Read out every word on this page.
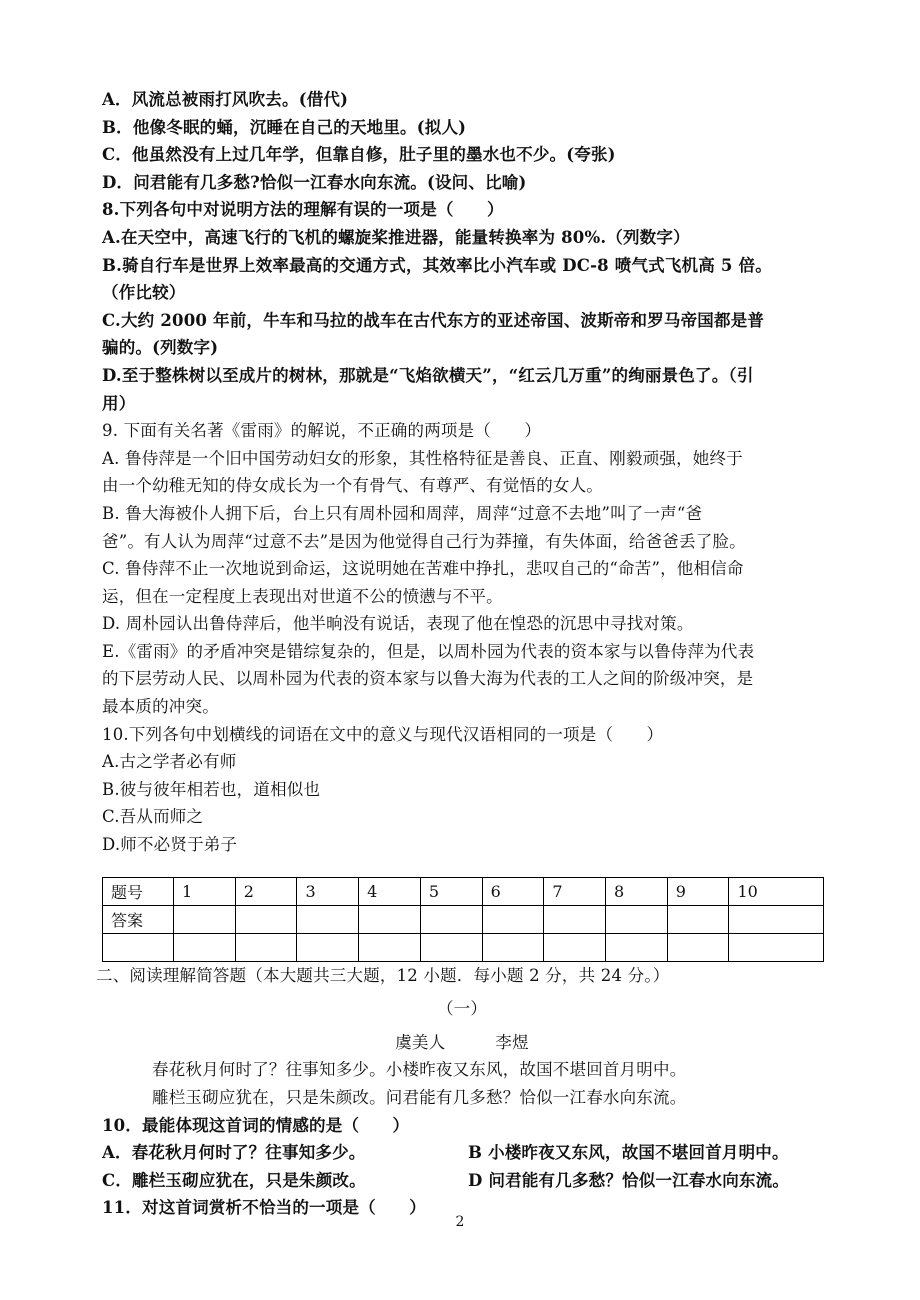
A．风流总被雨打风吹去。(借代)
B．他像冬眠的蛹，沉睡在自己的天地里。(拟人)
C．他虽然没有上过几年学，但靠自修，肚子里的墨水也不少。(夸张)
D．问君能有几多愁?恰似一江春水向东流。(设问、比喻)
8.下列各句中对说明方法的理解有误的一项是（　　）
A.在天空中，高速飞行的飞机的螺旋桨推进器，能量转换率为 80%.（列数字）
B.骑自行车是世界上效率最高的交通方式，其效率比小汽车或 DC-8 喷气式飞机高 5 倍。
（作比较）
C.大约 2000 年前，牛车和马拉的战车在古代东方的亚述帝国、波斯帝和罗马帝国都是普
骗的。(列数字)
D.至于整株树以至成片的树林，那就是“飞焰欲横天”，“红云几万重”的绚丽景色了。（引
用）
9. 下面有关名著《雷雨》的解说，不正确的两项是（　　）
A. 鲁侍萍是一个旧中国劳动妇女的形象，其性格特征是善良、正直、刚毅顽强，她终于
由一个幼稚无知的侍女成长为一个有骨气、有尊严、有觉悟的女人。
B. 鲁大海被仆人拥下后，台上只有周朴园和周萍，周萍“过意不去地”叫了一声“爸
爸”。有人认为周萍“过意不去”是因为他觉得自己行为莽撞，有失体面，给爸爸丢了脸。
C. 鲁侍萍不止一次地说到命运，这说明她在苦难中挣扎，悲叹自己的“命苦”，他相信命
运，但在一定程度上表现出对世道不公的愤懑与不平。
D. 周朴园认出鲁侍萍后，他半晌没有说话，表现了他在惶恐的沉思中寻找对策。
E.《雷雨》的矛盾冲突是错综复杂的，但是，以周朴园为代表的资本家与以鲁侍萍为代表
的下层劳动人民、以周朴园为代表的资本家与以鲁大海为代表的工人之间的阶级冲突，是
最本质的冲突。
10.下列各句中划横线的词语在文中的意义与现代汉语相同的一项是（　　）
A.古之学者必有师
B.彼与彼年相若也，道相似也
C.吾从而师之
D.师不必贤于弟子
题号	1	2	3	4	5	6	7	8	9	10
答案										

二、阅读理解简答题（本大题共三大题，12 小题．每小题 2 分，共 24 分。）
（一）
虞美人　　　李煜
春花秋月何时了？往事知多少。小楼昨夜又东风，故国不堪回首月明中。
雕栏玉砌应犹在，只是朱颜改。问君能有几多愁？恰似一江春水向东流。
10．最能体现这首词的情感的是（　　）
A．春花秋月何时了？往事知多少。	B 小楼昨夜又东风，故国不堪回首月明中。
C．雕栏玉砌应犹在，只是朱颜改。	D 问君能有几多愁？恰似一江春水向东流。
11．对这首词赏析不恰当的一项是（　　）
2
